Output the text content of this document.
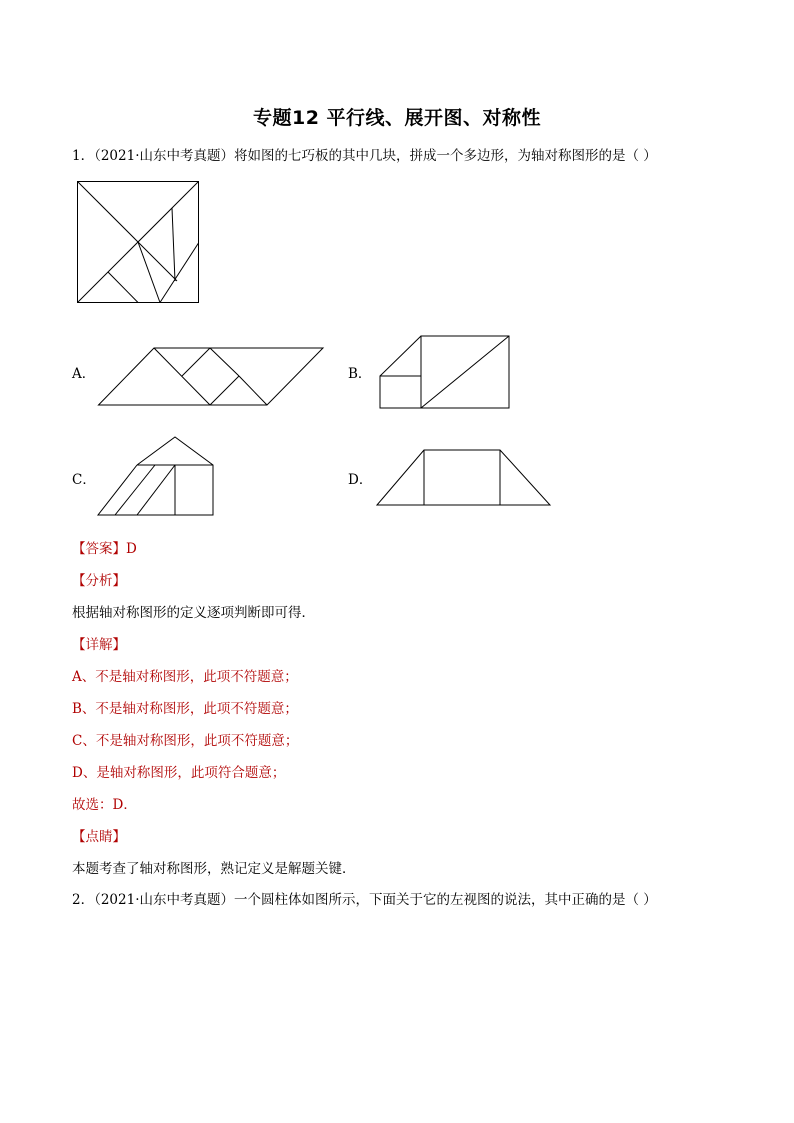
专题12 平行线、展开图、对称性
1．（2021·山东中考真题）将如图的七巧板的其中几块，拼成一个多边形，为轴对称图形的是（ ）
A．	B．
C．	D．
【答案】D
【分析】
根据轴对称图形的定义逐项判断即可得．
【详解】
A、不是轴对称图形，此项不符题意；
B、不是轴对称图形，此项不符题意；
C、不是轴对称图形，此项不符题意；
D、是轴对称图形，此项符合题意；
故选：D．
【点睛】
本题考查了轴对称图形，熟记定义是解题关键．
2．（2021·山东中考真题）一个圆柱体如图所示，下面关于它的左视图的说法，其中正确的是（ ）
